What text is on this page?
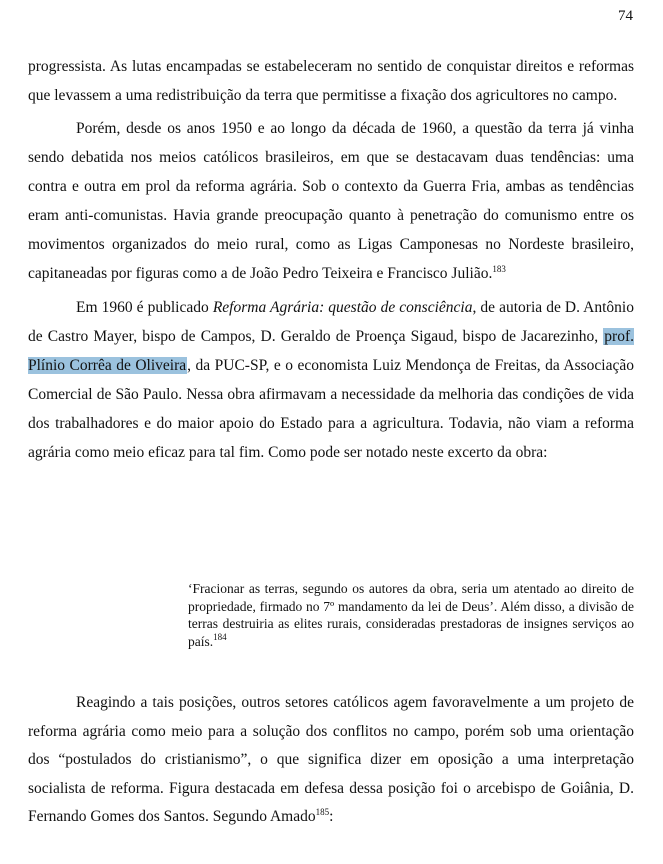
74

progressista. As lutas encampadas se estabeleceram no sentido de conquistar direitos e reformas que levassem a uma redistribuição da terra que permitisse a fixação dos agricultores no campo.

Porém, desde os anos 1950 e ao longo da década de 1960, a questão da terra já vinha sendo debatida nos meios católicos brasileiros, em que se destacavam duas tendências: uma contra e outra em prol da reforma agrária. Sob o contexto da Guerra Fria, ambas as tendências eram anti-comunistas. Havia grande preocupação quanto à penetração do comunismo entre os movimentos organizados do meio rural, como as Ligas Camponesas no Nordeste brasileiro, capitaneadas por figuras como a de João Pedro Teixeira e Francisco Julião.$^{183}$

Em 1960 é publicado Reforma Agrária: questão de consciência, de autoria de D. Antônio de Castro Mayer, bispo de Campos, D. Geraldo de Proença Sigaud, bispo de Jacarezinho, prof. Plínio Corrêa de Oliveira, da PUC-SP, e o economista Luiz Mendonça de Freitas, da Associação Comercial de São Paulo. Nessa obra afirmavam a necessidade da melhoria das condições de vida dos trabalhadores e do maior apoio do Estado para a agricultura. Todavia, não viam a reforma agrária como meio eficaz para tal fim. Como pode ser notado neste excerto da obra:

‘Fracionar as terras, segundo os autores da obra, seria um atentado ao direito de propriedade, firmado no 7º mandamento da lei de Deus’. Além disso, a divisão de terras destruiria as elites rurais, consideradas prestadoras de insignes serviços ao país.$^{184}$

Reagindo a tais posições, outros setores católicos agem favoravelmente a um projeto de reforma agrária como meio para a solução dos conflitos no campo, porém sob uma orientação dos “postulados do cristianismo”, o que significa dizer em oposição a uma interpretação socialista de reforma. Figura destacada em defesa dessa posição foi o arcebispo de Goiânia, D. Fernando Gomes dos Santos. Segundo Amado$^{185}$:
